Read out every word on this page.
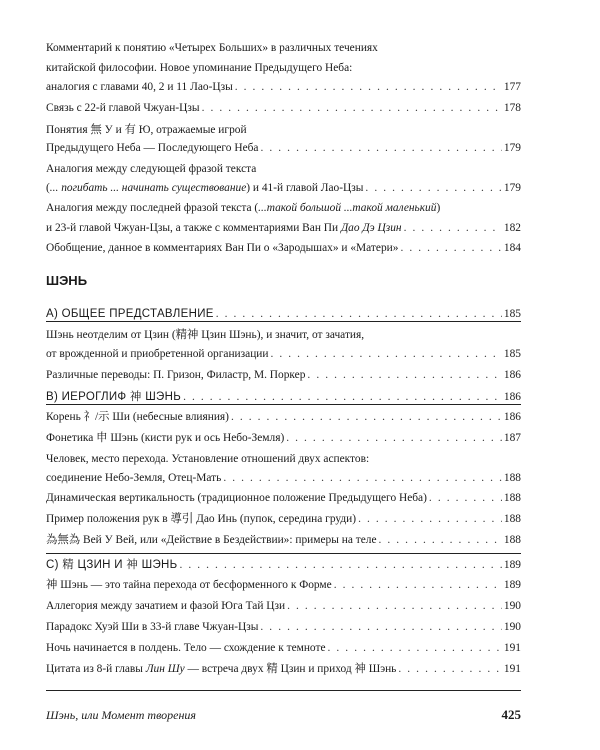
Комментарий к понятию «Четырех Больших» в различных течениях
китайской философии. Новое упоминание Предыдущего Неба:
аналогия с главами 40, 2 и 11 Лао-Цзы . . .	177
Связь с 22-й главой Чжуан-Цзы . . .	178
Понятия 無 У и 有 Ю, отражаемые игрой
Предыдущего Неба — Последующего Неба . . .	179
Аналогия между следующей фразой текста
(... погибать ... начинать существование) и 41-й главой Лао-Цзы . . .	179
Аналогия между последней фразой текста (...такой большой ...такой маленький)
и 23-й главой Чжуан-Цзы, а также с комментариями Ван Пи Дао Дэ Цзин . . .	182
Обобщение, данное в комментариях Ван Пи о «Зародышах» и «Матери» . . .	184
ШЭНЬ
А) ОБЩЕЕ ПРЕДСТАВЛЕНИЕ . . .	185
Шэнь неотделим от Цзин (精神 Цзин Шэнь), и значит, от зачатия,
от врожденной и приобретенной организации . . .	185
Различные переводы: П. Гризон, Филастр, М. Поркер . . .	186
B) ИЕРОГЛИФ 神 ШЭНЬ . . .	186
Корень 礻/示 Ши (небесные влияния) . . .	186
Фонетика 申 Шэнь (кисти рук и ось Небо-Земля) . . .	187
Человек, место перехода. Установление отношений двух аспектов:
соединение Небо-Земля, Отец-Мать . . .	188
Динамическая вертикальность (традиционное положение Предыдущего Неба) . . .	188
Пример положения рук в 導引 Дао Инь (пупок, середина груди) . . .	188
為無為 Вей У Вей, или «Действие в Бездействии»: примеры на теле . . .	188
С) 精 ЦЗИН И 神 ШЭНЬ . . .	189
神 Шэнь — это тайна перехода от бесформенного к Форме . . .	189
Аллегория между зачатием и фазой Юга Тай Цзи . . .	190
Парадокс Хуэй Ши в 33-й главе Чжуан-Цзы . . .	190
Ночь начинается в полдень. Тело — схождение к темноте . . .	191
Цитата из 8-й главы Лин Шу — встреча двух 精 Цзин и приход 神 Шэнь . . .	191
Шэнь, или Момент творения	425
